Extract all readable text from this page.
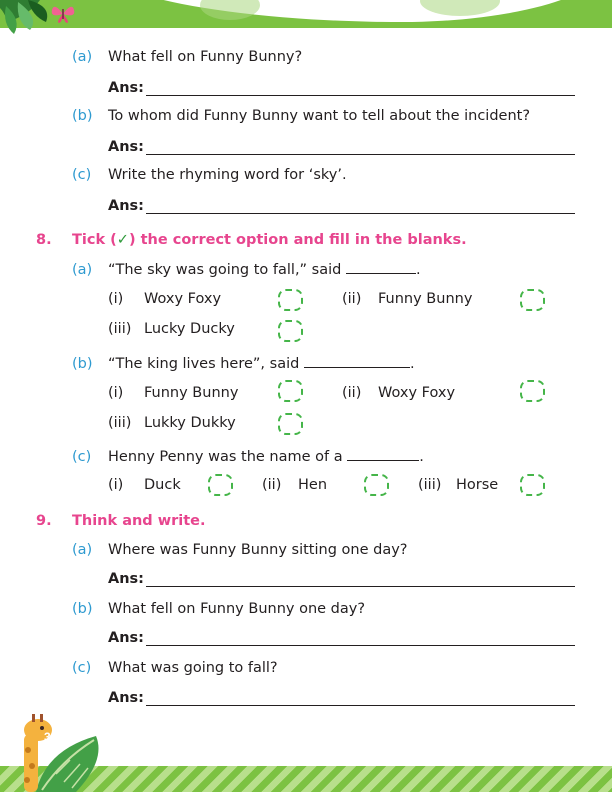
(a) What fell on Funny Bunny?
Ans:
(b) To whom did Funny Bunny want to tell about the incident?
Ans:
(c) Write the rhyming word for ‘sky’.
Ans:
8. Tick (✓) the correct option and fill in the blanks.
(a) “The sky was going to fall,” said	.
(i) Woxy Foxy	(ii) Funny Bunny
(iii) Lucky Ducky
(b) “The king lives here”, said	.
(i) Funny Bunny	(ii) Woxy Foxy
(iii) Lukky Dukky
(c) Henny Penny was the name of a	.
(i) Duck	(ii) Hen	(iii) Horse
9. Think and write.
(a) Where was Funny Bunny sitting one day?
Ans:
(b) What fell on Funny Bunny one day?
Ans:
(c) What was going to fall?
Ans:
34
